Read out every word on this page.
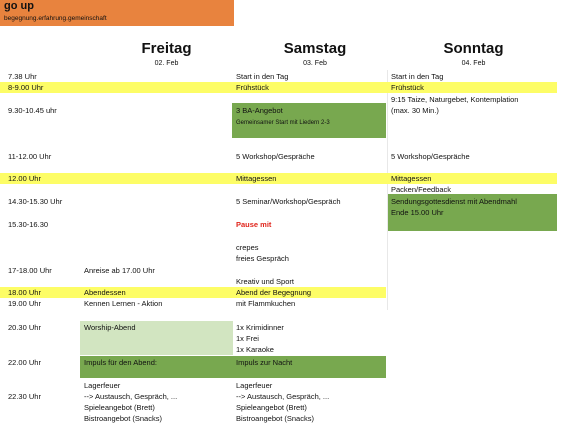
go up
begegnung.erfahrung.gemeinschaft
Freitag
02. Feb
Samstag
03. Feb
Sonntag
04. Feb
7.38 Uhr
8-9.00 Uhr
9.30-10.45 uhr
11-12.00 Uhr
12.00 Uhr
14.30-15.30 Uhr
15.30-16.30
17-18.00 Uhr
18.00 Uhr
19.00 Uhr
20.30 Uhr
22.00 Uhr
22.30 Uhr
Anreise ab 17.00 Uhr
Abendessen
Kennen Lernen - Aktion
Worship-Abend
Impuls für den Abend:
Lagerfeuer
--> Austausch, Gespräch, ...
Spieleangebot (Brett)
Bistroangebot (Snacks)
Start in den Tag
Frühstück
3 BA-Angebot
Gemeinsamer Start mit Liedern 2-3
5 Workshop/Gespräche
Mittagessen
5 Seminar/Workshop/Gespräch
Pause mit
crepes
freies Gespräch
Kreativ und Sport
Abend der Begegnung
mit Flammkuchen
1x Krimidinner
1x Frei
1x Karaoke
Impuls zur Nacht
Lagerfeuer
--> Austausch, Gespräch, ...
Spieleangebot (Brett)
Bistroangebot (Snacks)
Start in den Tag
Frühstück
9:15 Taize, Naturgebet, Kontemplation
(max. 30 Min.)
5 Workshop/Gespräche
Mittagessen
Packen/Feedback
Sendungsgottesdienst mit Abendmahl
Ende 15.00 Uhr
